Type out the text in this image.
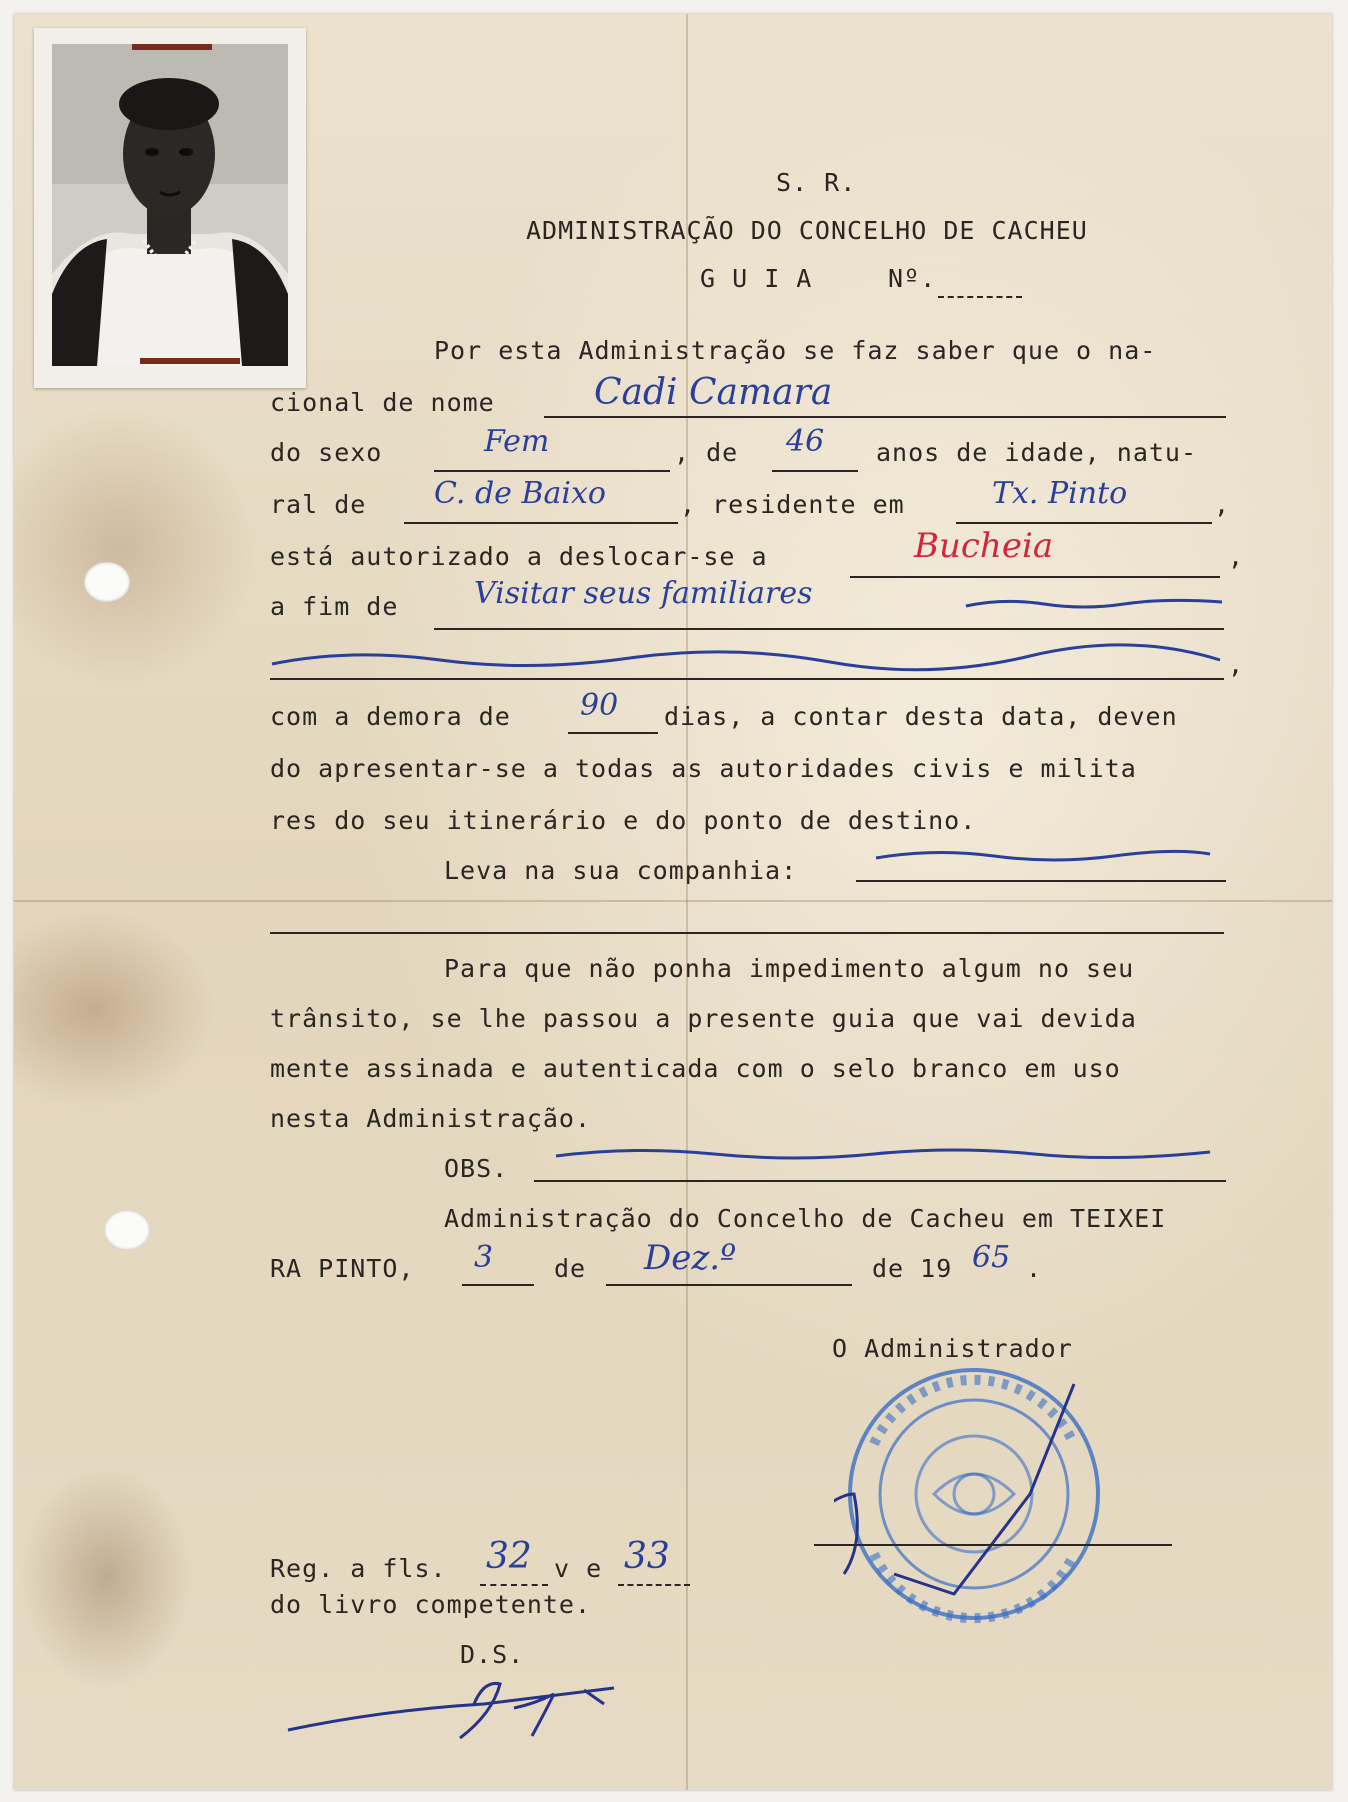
S. R.

ADMINISTRAÇÃO DO CONCELHO DE CACHEU

G U I A	Nº.

Por esta Administração se faz saber que o na-

cional de nome	Cadi Camara

do sexo	Fem	, de 46 anos de idade, natu-

ral de C. de Baixo	, residente em	Tx. Pinto	,

está autorizado a deslocar-se a	Bucheia	,

a fim de	Visitar seus familiares

,

com a demora de 90 dias, a contar desta data, deven

do apresentar-se a todas as autoridades civis e milita

res do seu itinerário e do ponto de destino.

Leva na sua companhia:

Para que não ponha impedimento algum no seu

trânsito, se lhe passou a presente guia que vai devida

mente assinada e autenticada com o selo branco em uso

nesta Administração.

OBS.

Administração do Concelho de Cacheu em TEIXEI

RA PINTO, 3 de Dez.º	de 19 65 .

O Administrador

Reg. a fls. 32 v e 33

do livro competente.

D.S.
